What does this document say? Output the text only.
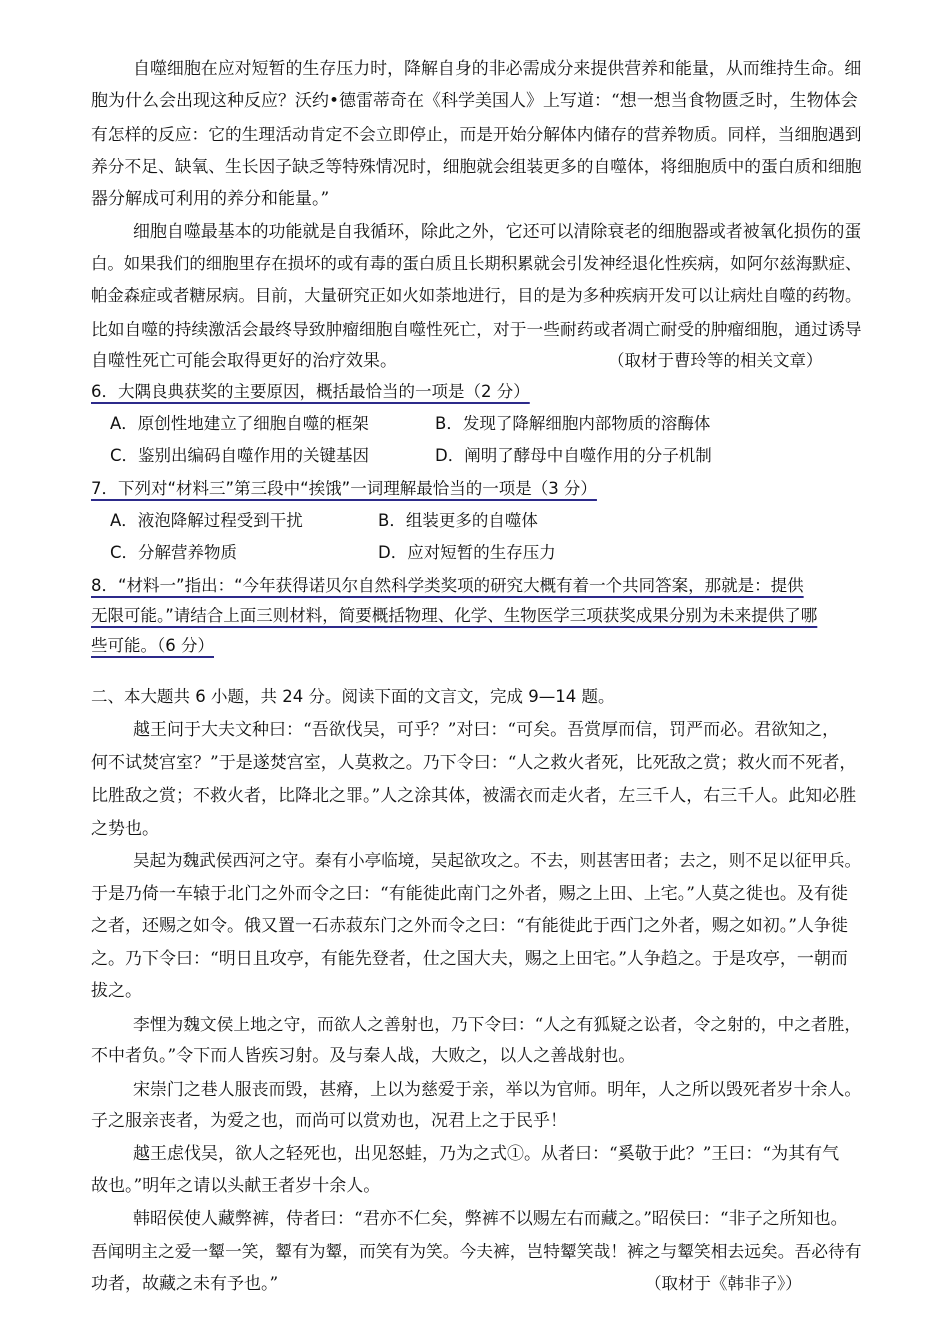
自噬细胞在应对短暂的生存压力时，降解自身的非必需成分来提供营养和能量，从而维持生命。细

胞为什么会出现这种反应？沃约•德雷蒂奇在《科学美国人》上写道：“想一想当食物匮乏时，生物体会

有怎样的反应：它的生理活动肯定不会立即停止，而是开始分解体内储存的营养物质。同样，当细胞遇到

养分不足、缺氧、生长因子缺乏等特殊情况时，细胞就会组装更多的自噬体，将细胞质中的蛋白质和细胞

器分解成可利用的养分和能量。”

细胞自噬最基本的功能就是自我循环，除此之外，它还可以清除衰老的细胞器或者被氧化损伤的蛋

白。如果我们的细胞里存在损坏的或有毒的蛋白质且长期积累就会引发神经退化性疾病，如阿尔兹海默症、

帕金森症或者糖尿病。目前，大量研究正如火如荼地进行，目的是为多种疾病开发可以让病灶自噬的药物。

比如自噬的持续激活会最终导致肿瘤细胞自噬性死亡，对于一些耐药或者凋亡耐受的肿瘤细胞，通过诱导

自噬性死亡可能会取得更好的治疗效果。	（取材于曹玲等的相关文章）

6．大隅良典获奖的主要原因，概括最恰当的一项是（2 分）

A．原创性地建立了细胞自噬的框架	B．发现了降解细胞内部物质的溶酶体

C．鉴别出编码自噬作用的关键基因	D．阐明了酵母中自噬作用的分子机制

7．下列对“材料三”第三段中“挨饿”一词理解最恰当的一项是（3 分）

A．液泡降解过程受到干扰	B．组装更多的自噬体

C．分解营养物质	D．应对短暂的生存压力

8．“材料一”指出：“今年获得诺贝尔自然科学类奖项的研究大概有着一个共同答案，那就是：提供

无限可能。”请结合上面三则材料，简要概括物理、化学、生物医学三项获奖成果分别为未来提供了哪

些可能。（6 分）

二、本大题共 6 小题，共 24 分。阅读下面的文言文，完成 9—14 题。

越王问于大夫文种曰：“吾欲伐吴，可乎？”对曰：“可矣。吾赏厚而信，罚严而必。君欲知之，

何不试焚宫室？”于是遂焚宫室，人莫救之。乃下令曰：“人之救火者死，比死敌之赏；救火而不死者，

比胜敌之赏；不救火者，比降北之罪。”人之涂其体，被濡衣而走火者，左三千人，右三千人。此知必胜

之势也。

吴起为魏武侯西河之守。秦有小亭临境，吴起欲攻之。不去，则甚害田者；去之，则不足以征甲兵。

于是乃倚一车辕于北门之外而令之曰：“有能徙此南门之外者，赐之上田、上宅。”人莫之徙也。及有徙

之者，还赐之如令。俄又置一石赤菽东门之外而令之曰：“有能徙此于西门之外者，赐之如初。”人争徙

之。乃下令曰：“明日且攻亭，有能先登者，仕之国大夫，赐之上田宅。”人争趋之。于是攻亭，一朝而

拔之。

李悝为魏文侯上地之守，而欲人之善射也，乃下令曰：“人之有狐疑之讼者，令之射的，中之者胜，

不中者负。”令下而人皆疾习射。及与秦人战，大败之，以人之善战射也。

宋崇门之巷人服丧而毁，甚瘠，上以为慈爱于亲，举以为官师。明年，人之所以毁死者岁十余人。

子之服亲丧者，为爱之也，而尚可以赏劝也，况君上之于民乎！

越王虑伐吴，欲人之轻死也，出见怒蛙，乃为之式①。从者曰：“奚敬于此？”王曰：“为其有气

故也。”明年之请以头献王者岁十余人。

韩昭侯使人藏弊裤，侍者曰：“君亦不仁矣，弊裤不以赐左右而藏之。”昭侯曰：“非子之所知也。

吾闻明主之爱一颦一笑，颦有为颦，而笑有为笑。今夫裤，岂特颦笑哉！裤之与颦笑相去远矣。吾必待有

功者，故藏之未有予也。”	（取材于《韩非子》）
